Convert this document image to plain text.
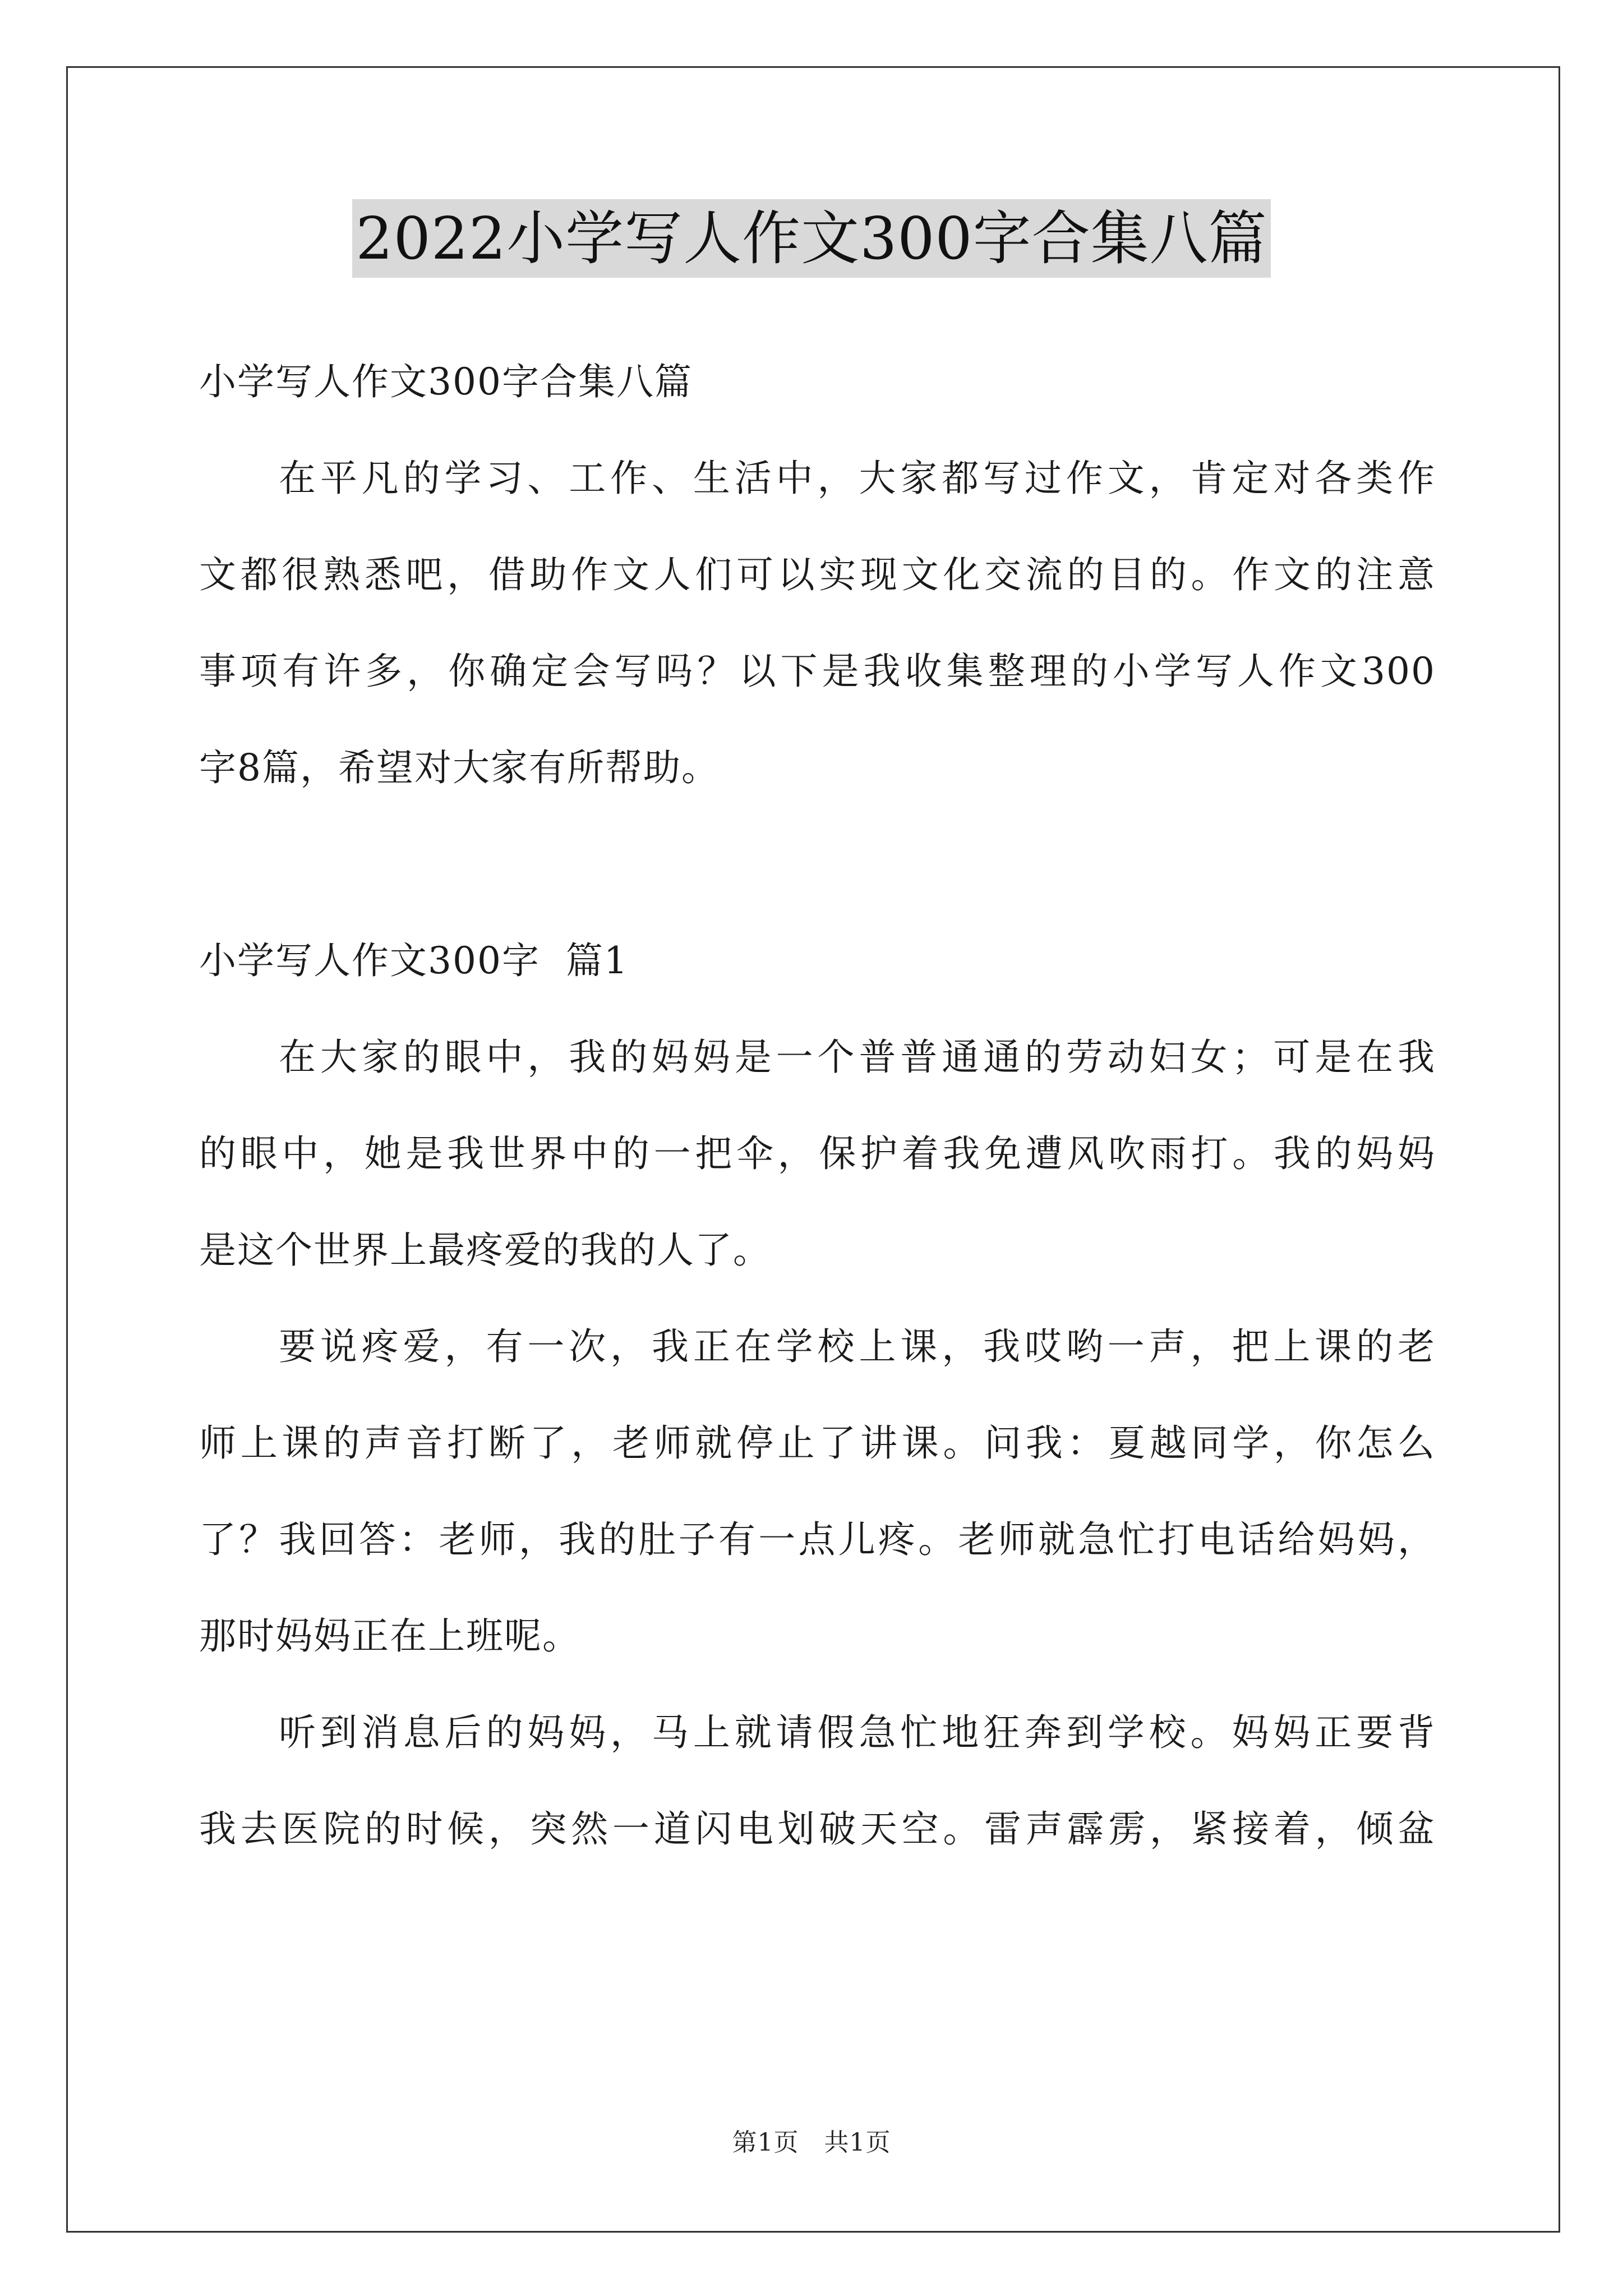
2022小学写人作文300字合集八篇
小学写人作文300字合集八篇
在平凡的学习、工作、生活中，大家都写过作文，肯定对各类作
文都很熟悉吧，借助作文人们可以实现文化交流的目的。作文的注意
事项有许多，你确定会写吗？以下是我收集整理的小学写人作文300
字8篇，希望对大家有所帮助。
小学写人作文300字  篇1
在大家的眼中，我的妈妈是一个普普通通的劳动妇女；可是在我
的眼中，她是我世界中的一把伞，保护着我免遭风吹雨打。我的妈妈
是这个世界上最疼爱的我的人了。
要说疼爱，有一次，我正在学校上课，我哎哟一声，把上课的老
师上课的声音打断了，老师就停止了讲课。问我：夏越同学，你怎么
了？我回答：老师，我的肚子有一点儿疼。老师就急忙打电话给妈妈，
那时妈妈正在上班呢。
听到消息后的妈妈，马上就请假急忙地狂奔到学校。妈妈正要背
我去医院的时候，突然一道闪电划破天空。雷声霹雳，紧接着，倾盆
第1页   共1页
